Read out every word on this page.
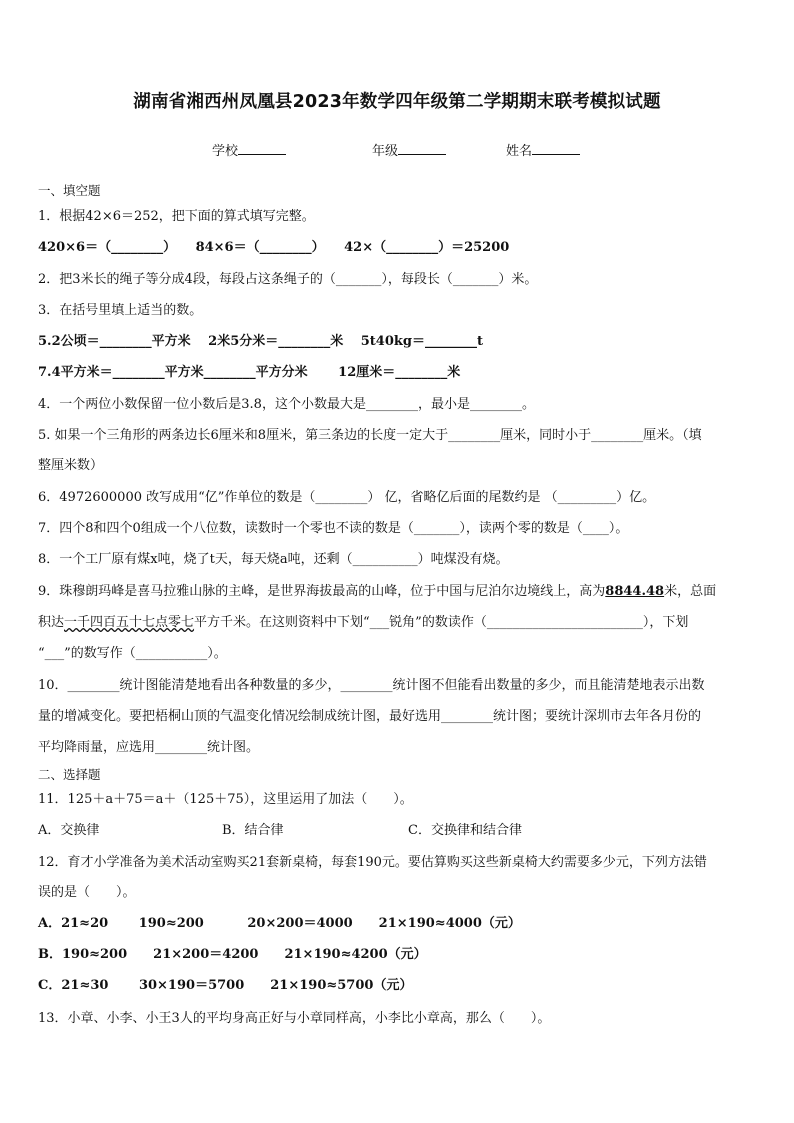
湖南省湘西州凤凰县2023年数学四年级第二学期期末联考模拟试题
学校	年级	姓名
一、填空题
1．根据42×6＝252，把下面的算式填写完整。
420×6＝（________）　　84×6＝（________）　　42×（________）＝25200
2．把3米长的绳子等分成4段，每段占这条绳子的（_______），每段长（_______）米。
3．在括号里填上适当的数。
5.2公顷＝________平方米　 2米5分米＝________米　 5t40kg＝________t
7.4平方米＝________平方米________平方分米　　 12厘米＝________米
4．一个两位小数保留一位小数后是3.8，这个小数最大是________，最小是________。
5. 如果一个三角形的两条边长6厘米和8厘米，第三条边的长度一定大于________厘米，同时小于________厘米。（填
整厘米数）
6．4972600000 改写成用“亿”作单位的数是（________） 亿，省略亿后面的尾数约是 （_________）亿。
7．四个8和四个0组成一个八位数，读数时一个零也不读的数是（_______），读两个零的数是（____）。
8．一个工厂原有煤x吨，烧了t天，每天烧a吨，还剩（__________）吨煤没有烧。
9．珠穆朗玛峰是喜马拉雅山脉的主峰，是世界海拔最高的山峰，位于中国与尼泊尔边境线上，高为8844.48米，总面
积达一千四百五十七点零七平方千米。在这则资料中下划“___锐角”的数读作（________________________），下划
“___”的数写作（___________）。
10．________统计图能清楚地看出各种数量的多少，________统计图不但能看出数量的多少，而且能清楚地表示出数
量的增减变化。要把梧桐山顶的气温变化情况绘制成统计图，最好选用________统计图；要统计深圳市去年各月份的
平均降雨量，应选用________统计图。
二、选择题
11．125＋a＋75＝a＋（125＋75），这里运用了加法（　　）。
A．交换律	B．结合律	C．交换律和结合律
12．育才小学准备为美术活动室购买21套新桌椅，每套190元。要估算购买这些新桌椅大约需要多少元，下列方法错
误的是（　　）。
A．21≈20　　 190≈200　　　 20×200＝4000　　21×190≈4000（元）
B．190≈200　　21×200＝4200　　21×190≈4200（元）
C．21≈30　　 30×190＝5700　　21×190≈5700（元）
13．小章、小李、小王3人的平均身高正好与小章同样高，小李比小章高，那么（　　）。
